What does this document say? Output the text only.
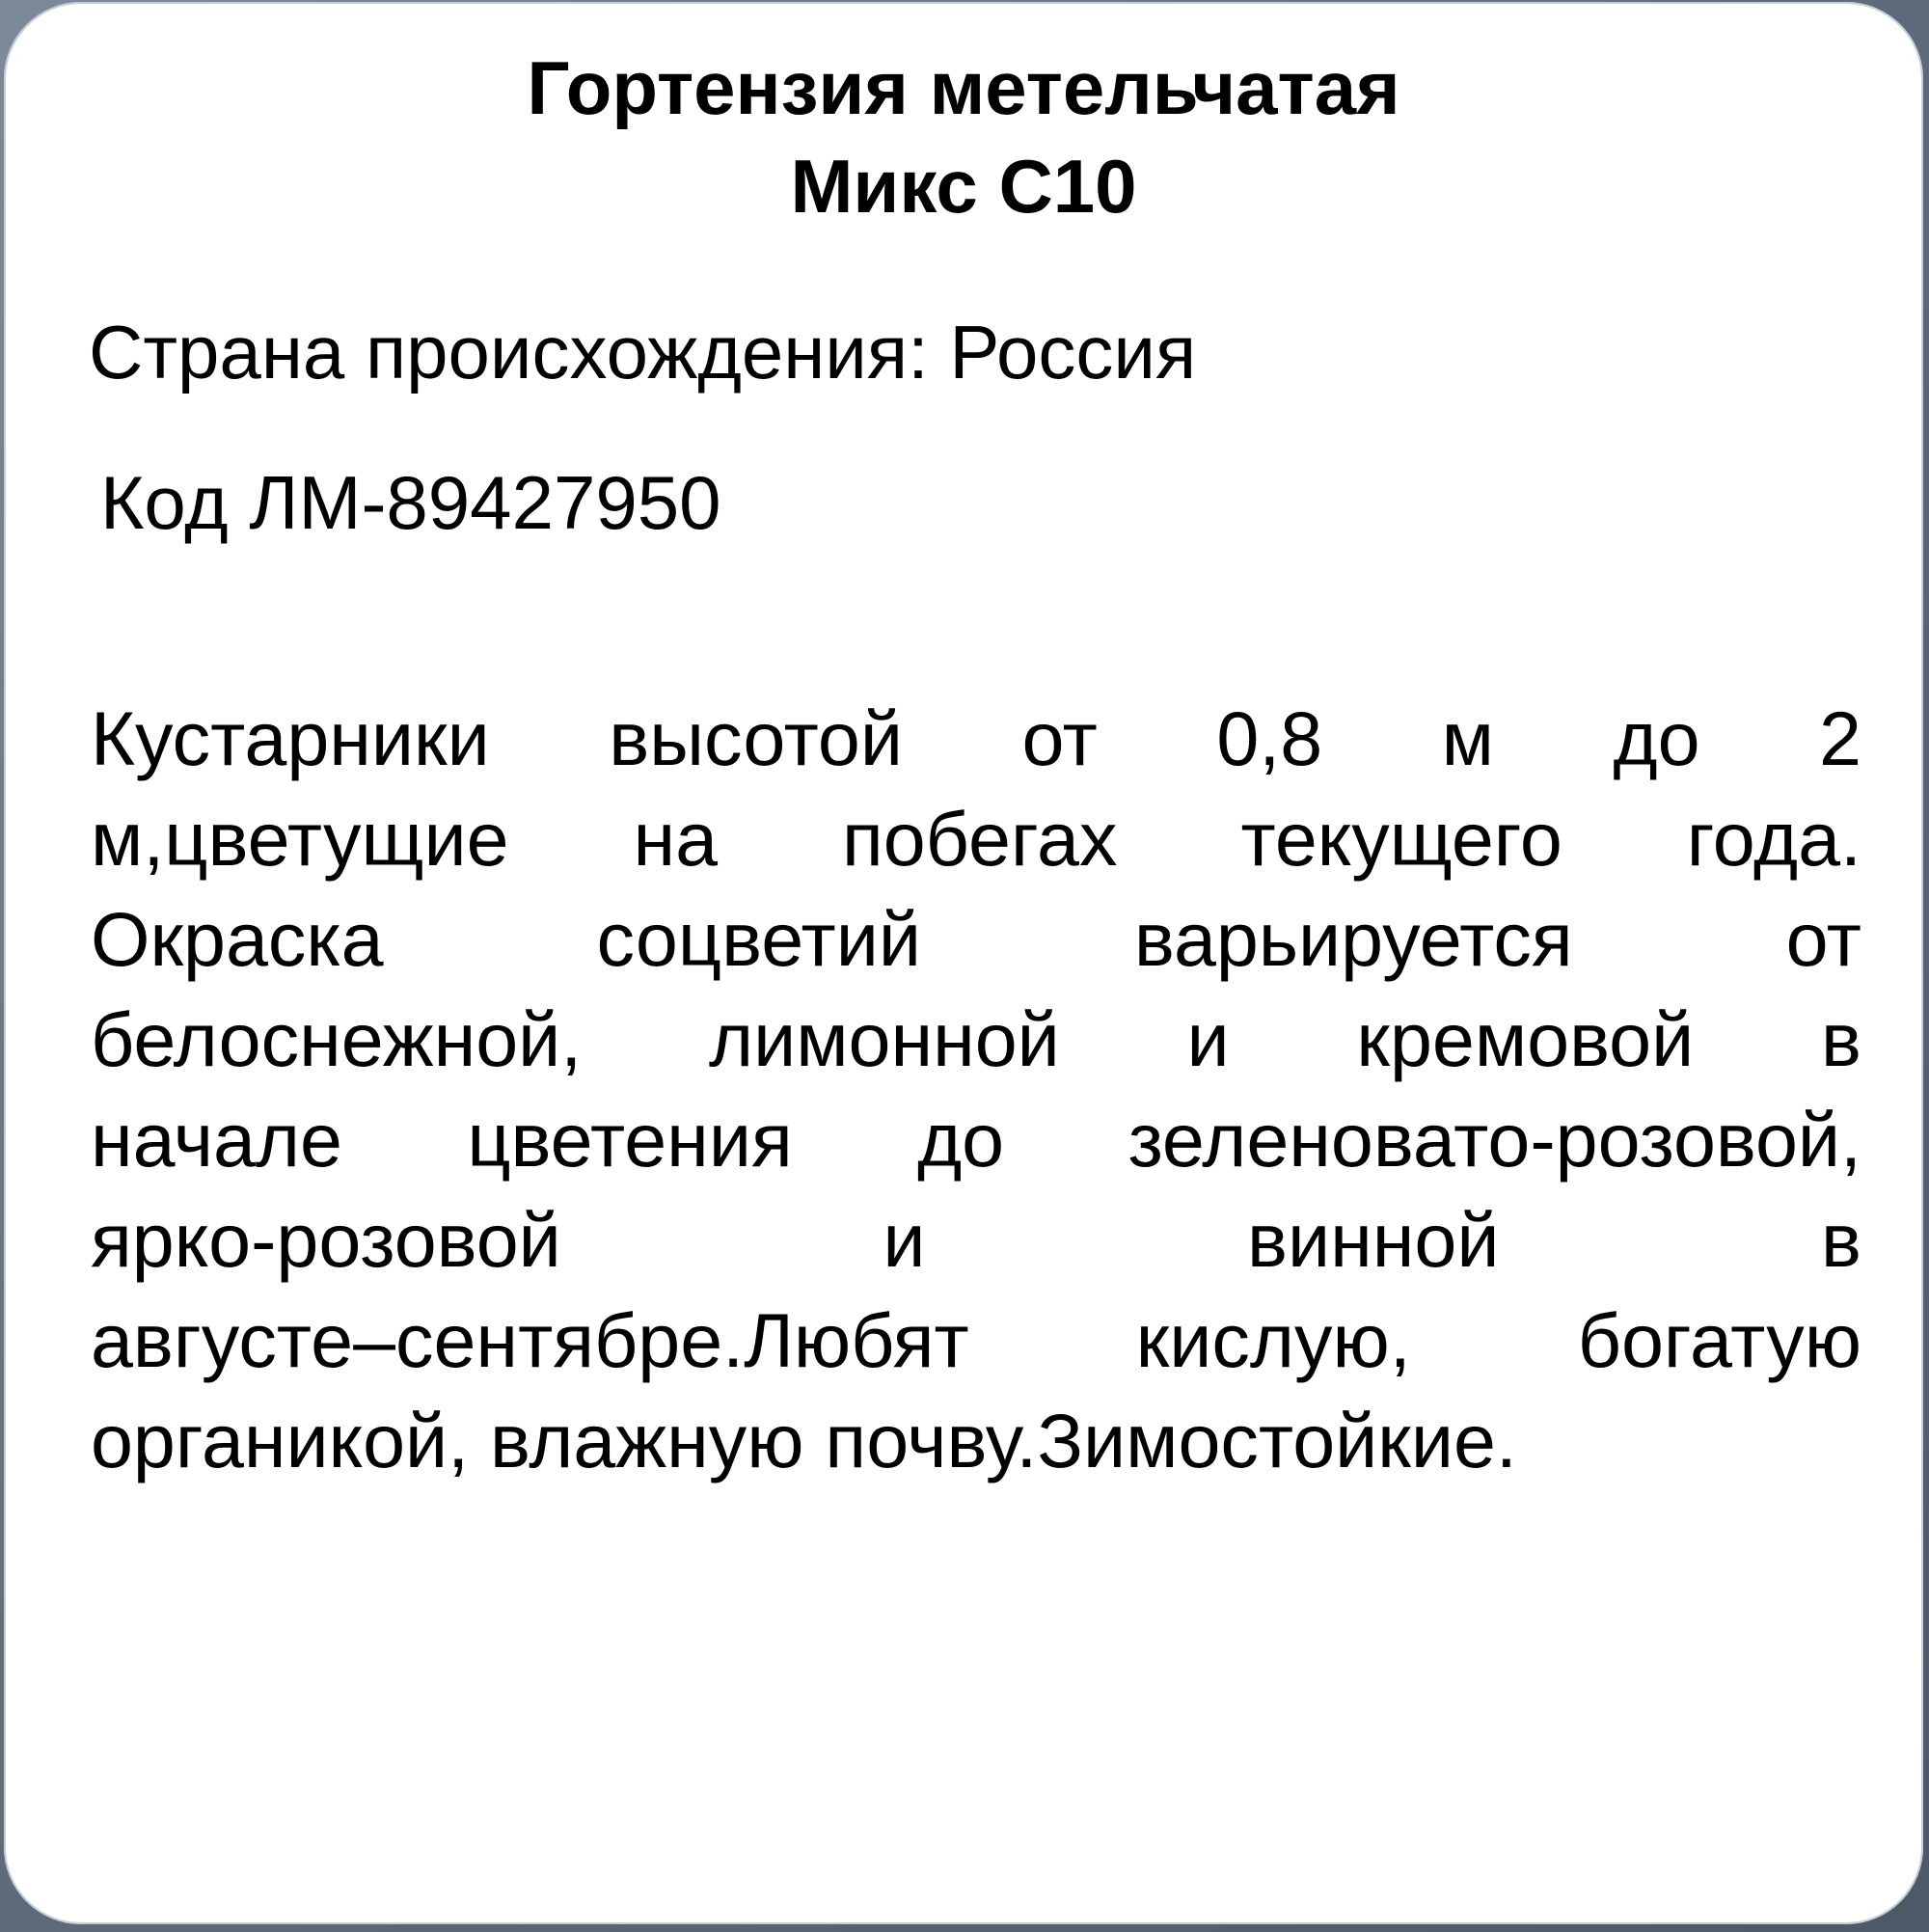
Гортензия метельчатая
Микс С10

Страна происхождения: Россия

Код ЛМ-89427950

Кустарники высотой от 0,8 м до 2
м,цветущие на побегах текущего года.
Окраска	соцветий	варьируется	от
белоснежной, лимонной и кремовой в
начале цветения до зеленовато-розовой,
ярко-розовой	и	винной	в
августе–сентябре.Любят кислую, богатую
органикой, влажную почву.Зимостойкие.
